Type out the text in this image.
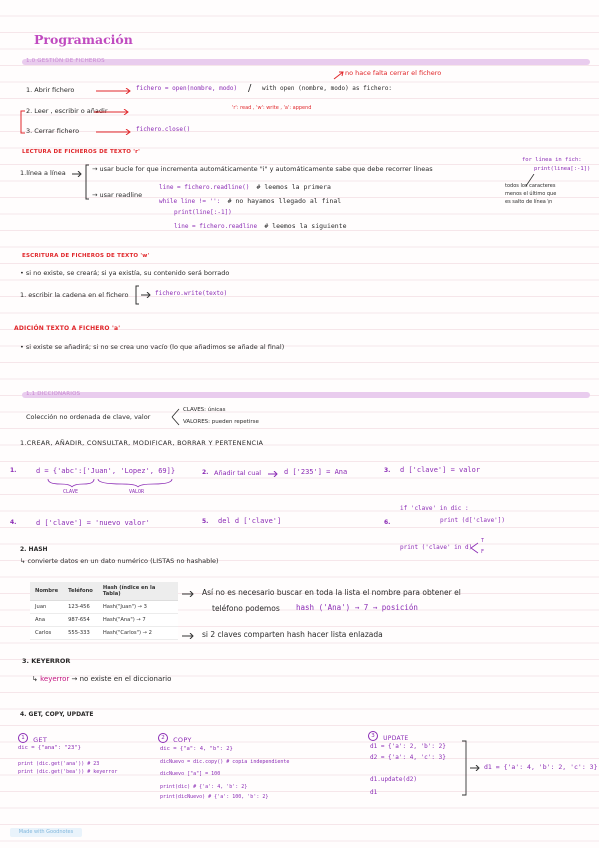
Programación
1.0 GESTIÓN DE FICHEROS
no hace falta cerrar el fichero
1. Abrir fichero	fichero = open(nombre, modo) / with open (nombre, modo) as fichero:
'r': read , 'w': write , 'a': append
2. Leer , escribir o añadir
3. Cerrar fichero	fichero.close()
LECTURA DE FICHEROS DE TEXTO 'r'
1.línea a línea	→ usar bucle for que incrementa automáticamente "i" y automáticamente sabe que debe recorrer líneas
→ usar readline
for línea in fich:
print(linea[:-1])
todos los caracteres
menos el último que
es salto de línea \n
line = fichero.readline() # leemos la primera
while line != '': # no hayamos llegado al final
print(line[:-1])
line = fichero.readline # leemos la siguiente
ESCRITURA DE FICHEROS DE TEXTO 'w'
• si no existe, se creará; si ya existía, su contenido será borrado
1. escribir la cadena en el fichero	fichero.write(texto)
ADICIÓN TEXTO A FICHERO 'a'
• si existe se añadirá; si no se crea uno vacío (lo que añadimos se añade al final)
1.1 DICCIONARIOS
Colección no ordenada de clave, valor
CLAVES: únicas
VALORES: pueden repetirse
1.CREAR, AÑADIR, CONSULTAR, MODIFICAR, BORRAR Y PERTENENCIA
1.	d = {'abc':['Juan', 'Lopez', 69]}
CLAVE	VALOR
2. Añadir tal cual	d ['235'] = Ana	3. d ['clave'] = valor
4.	d ['clave'] = 'nuevo valor'	5. del d ['clave']	6.
if 'clave' in dic :
print (d['clave'])
print ('clave' in d)
T
F
2. HASH
↳ convierte datos en un dato numérico (LISTAS no hashable)
Nombre	Teléfono	Hash (índice en la Tabla)
Juan	123-456	Hash("Juan") → 3
Ana	987-654	Hash("Ana") → 7
Carlos	555-333	Hash("Carlos") → 2
Así no es necesario buscar en toda la lista el nombre para obtener el
teléfono podemos hash ('Ana') → 7 → posición
si 2 claves comparten hash hacer lista enlazada
3. KEYERROR
↳ keyerror → no existe en el diccionario
4. GET, COPY, UPDATE
1 GET
dic = {"ana": "23"}
print (dic.get('ana')) # 23
print (dic.get('bea')) # keyerror
2 COPY
dic = {"a": 4, "b": 2}
dicNuevo = dic.copy() # copia independiente
dicNuevo ["a"] = 100
print(dic) # {'a': 4, 'b': 2}
print(dicNuevo) # {'a': 100, 'b': 2}
3 UPDATE
d1 = {'a': 2, 'b': 2}
d2 = {'a': 4, 'c': 3}
d1.update(d2)
d1
d1 = {'a': 4, 'b': 2, 'c': 3}
Made with Goodnotes
